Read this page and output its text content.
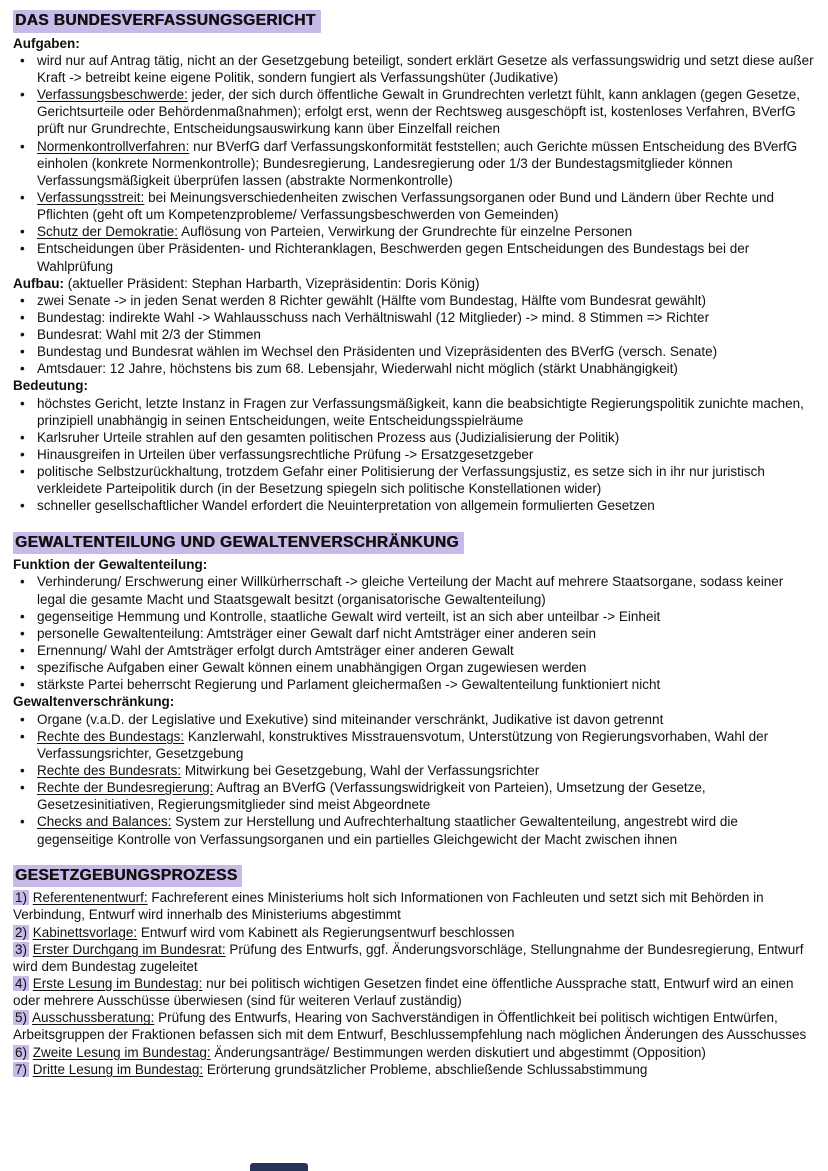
DAS BUNDESVERFASSUNGSGERICHT
Aufgaben:
•
wird nur auf Antrag tätig, nicht an der Gesetzgebung beteiligt, sondert erklärt Gesetze als verfassungswidrig und setzt diese außer Kraft -> betreibt keine eigene Politik, sondern fungiert als Verfassungshüter (Judikative)
•
Verfassungsbeschwerde: jeder, der sich durch öffentliche Gewalt in Grundrechten verletzt fühlt, kann anklagen (gegen Gesetze, Gerichtsurteile oder Behördenmaßnahmen); erfolgt erst, wenn der Rechtsweg ausgeschöpft ist, kostenloses Verfahren, BVerfG prüft nur Grundrechte, Entscheidungsauswirkung kann über Einzelfall reichen
•
Normenkontrollverfahren: nur BVerfG darf Verfassungskonformität feststellen; auch Gerichte müssen Entscheidung des BVerfG einholen (konkrete Normenkontrolle); Bundesregierung, Landesregierung oder 1/3 der Bundestagsmitglieder können Verfassungsmäßigkeit überprüfen lassen (abstrakte Normenkontrolle)
•
Verfassungsstreit: bei Meinungsverschiedenheiten zwischen Verfassungsorganen oder Bund und Ländern über Rechte und Pflichten (geht oft um Kompetenzprobleme/ Verfassungsbeschwerden von Gemeinden)
•
Schutz der Demokratie: Auflösung von Parteien, Verwirkung der Grundrechte für einzelne Personen
•
Entscheidungen über Präsidenten- und Richteranklagen, Beschwerden gegen Entscheidungen des Bundestags bei der Wahlprüfung
Aufbau: (aktueller Präsident: Stephan Harbarth, Vizepräsidentin: Doris König)
•
zwei Senate -> in jeden Senat werden 8 Richter gewählt (Hälfte vom Bundestag, Hälfte vom Bundesrat gewählt)
•
Bundestag: indirekte Wahl -> Wahlausschuss nach Verhältniswahl (12 Mitglieder) -> mind. 8 Stimmen => Richter
•
Bundesrat: Wahl mit 2/3 der Stimmen
•
Bundestag und Bundesrat wählen im Wechsel den Präsidenten und Vizepräsidenten des BVerfG (versch. Senate)
•
Amtsdauer: 12 Jahre, höchstens bis zum 68. Lebensjahr, Wiederwahl nicht möglich (stärkt Unabhängigkeit)
Bedeutung:
•
höchstes Gericht, letzte Instanz in Fragen zur Verfassungsmäßigkeit, kann die beabsichtigte Regierungspolitik zunichte machen, prinzipiell unabhängig in seinen Entscheidungen, weite Entscheidungsspielräume
•
Karlsruher Urteile strahlen auf den gesamten politischen Prozess aus (Judizialisierung der Politik)
•
Hinausgreifen in Urteilen über verfassungsrechtliche Prüfung -> Ersatzgesetzgeber
•
politische Selbstzurückhaltung, trotzdem Gefahr einer Politisierung der Verfassungsjustiz, es setze sich in ihr nur juristisch verkleidete Parteipolitik durch (in der Besetzung spiegeln sich politische Konstellationen wider)
•
schneller gesellschaftlicher Wandel erfordert die Neuinterpretation von allgemein formulierten Gesetzen
GEWALTENTEILUNG UND GEWALTENVERSCHRÄNKUNG
Funktion der Gewaltenteilung:
•
Verhinderung/ Erschwerung einer Willkürherrschaft -> gleiche Verteilung der Macht auf mehrere Staatsorgane, sodass keiner legal die gesamte Macht und Staatsgewalt besitzt (organisatorische Gewaltenteilung)
•
gegenseitige Hemmung und Kontrolle, staatliche Gewalt wird verteilt, ist an sich aber unteilbar -> Einheit
•
personelle Gewaltenteilung: Amtsträger einer Gewalt darf nicht Amtsträger einer anderen sein
•
Ernennung/ Wahl der Amtsträger erfolgt durch Amtsträger einer anderen Gewalt
•
spezifische Aufgaben einer Gewalt können einem unabhängigen Organ zugewiesen werden
•
stärkste Partei beherrscht Regierung und Parlament gleichermaßen -> Gewaltenteilung funktioniert nicht
Gewaltenverschränkung:
•
Organe (v.a.D. der Legislative und Exekutive) sind miteinander verschränkt, Judikative ist davon getrennt
•
Rechte des Bundestags: Kanzlerwahl, konstruktives Misstrauensvotum, Unterstützung von Regierungsvorhaben, Wahl der Verfassungsrichter, Gesetzgebung
•
Rechte des Bundesrats: Mitwirkung bei Gesetzgebung, Wahl der Verfassungsrichter
•
Rechte der Bundesregierung: Auftrag an BVerfG (Verfassungswidrigkeit von Parteien), Umsetzung der Gesetze, Gesetzesinitiativen, Regierungsmitglieder sind meist Abgeordnete
•
Checks and Balances: System zur Herstellung und Aufrechterhaltung staatlicher Gewaltenteilung, angestrebt wird die gegenseitige Kontrolle von Verfassungsorganen und ein partielles Gleichgewicht der Macht zwischen ihnen
GESETZGEBUNGSPROZESS
1) Referentenentwurf: Fachreferent eines Ministeriums holt sich Informationen von Fachleuten und setzt sich mit Behörden in Verbindung, Entwurf wird innerhalb des Ministeriums abgestimmt
2) Kabinettsvorlage: Entwurf wird vom Kabinett als Regierungsentwurf beschlossen
3) Erster Durchgang im Bundesrat: Prüfung des Entwurfs, ggf. Änderungsvorschläge, Stellungnahme der Bundesregierung, Entwurf wird dem Bundestag zugeleitet
4) Erste Lesung im Bundestag: nur bei politisch wichtigen Gesetzen findet eine öffentliche Aussprache statt, Entwurf wird an einen oder mehrere Ausschüsse überwiesen (sind für weiteren Verlauf zuständig)
5) Ausschussberatung: Prüfung des Entwurfs, Hearing von Sachverständigen in Öffentlichkeit bei politisch wichtigen Entwürfen, Arbeitsgruppen der Fraktionen befassen sich mit dem Entwurf, Beschlussempfehlung nach möglichen Änderungen des Ausschusses
6) Zweite Lesung im Bundestag: Änderungsanträge/ Bestimmungen werden diskutiert und abgestimmt (Opposition)
7) Dritte Lesung im Bundestag: Erörterung grundsätzlicher Probleme, abschließende Schlussabstimmung
